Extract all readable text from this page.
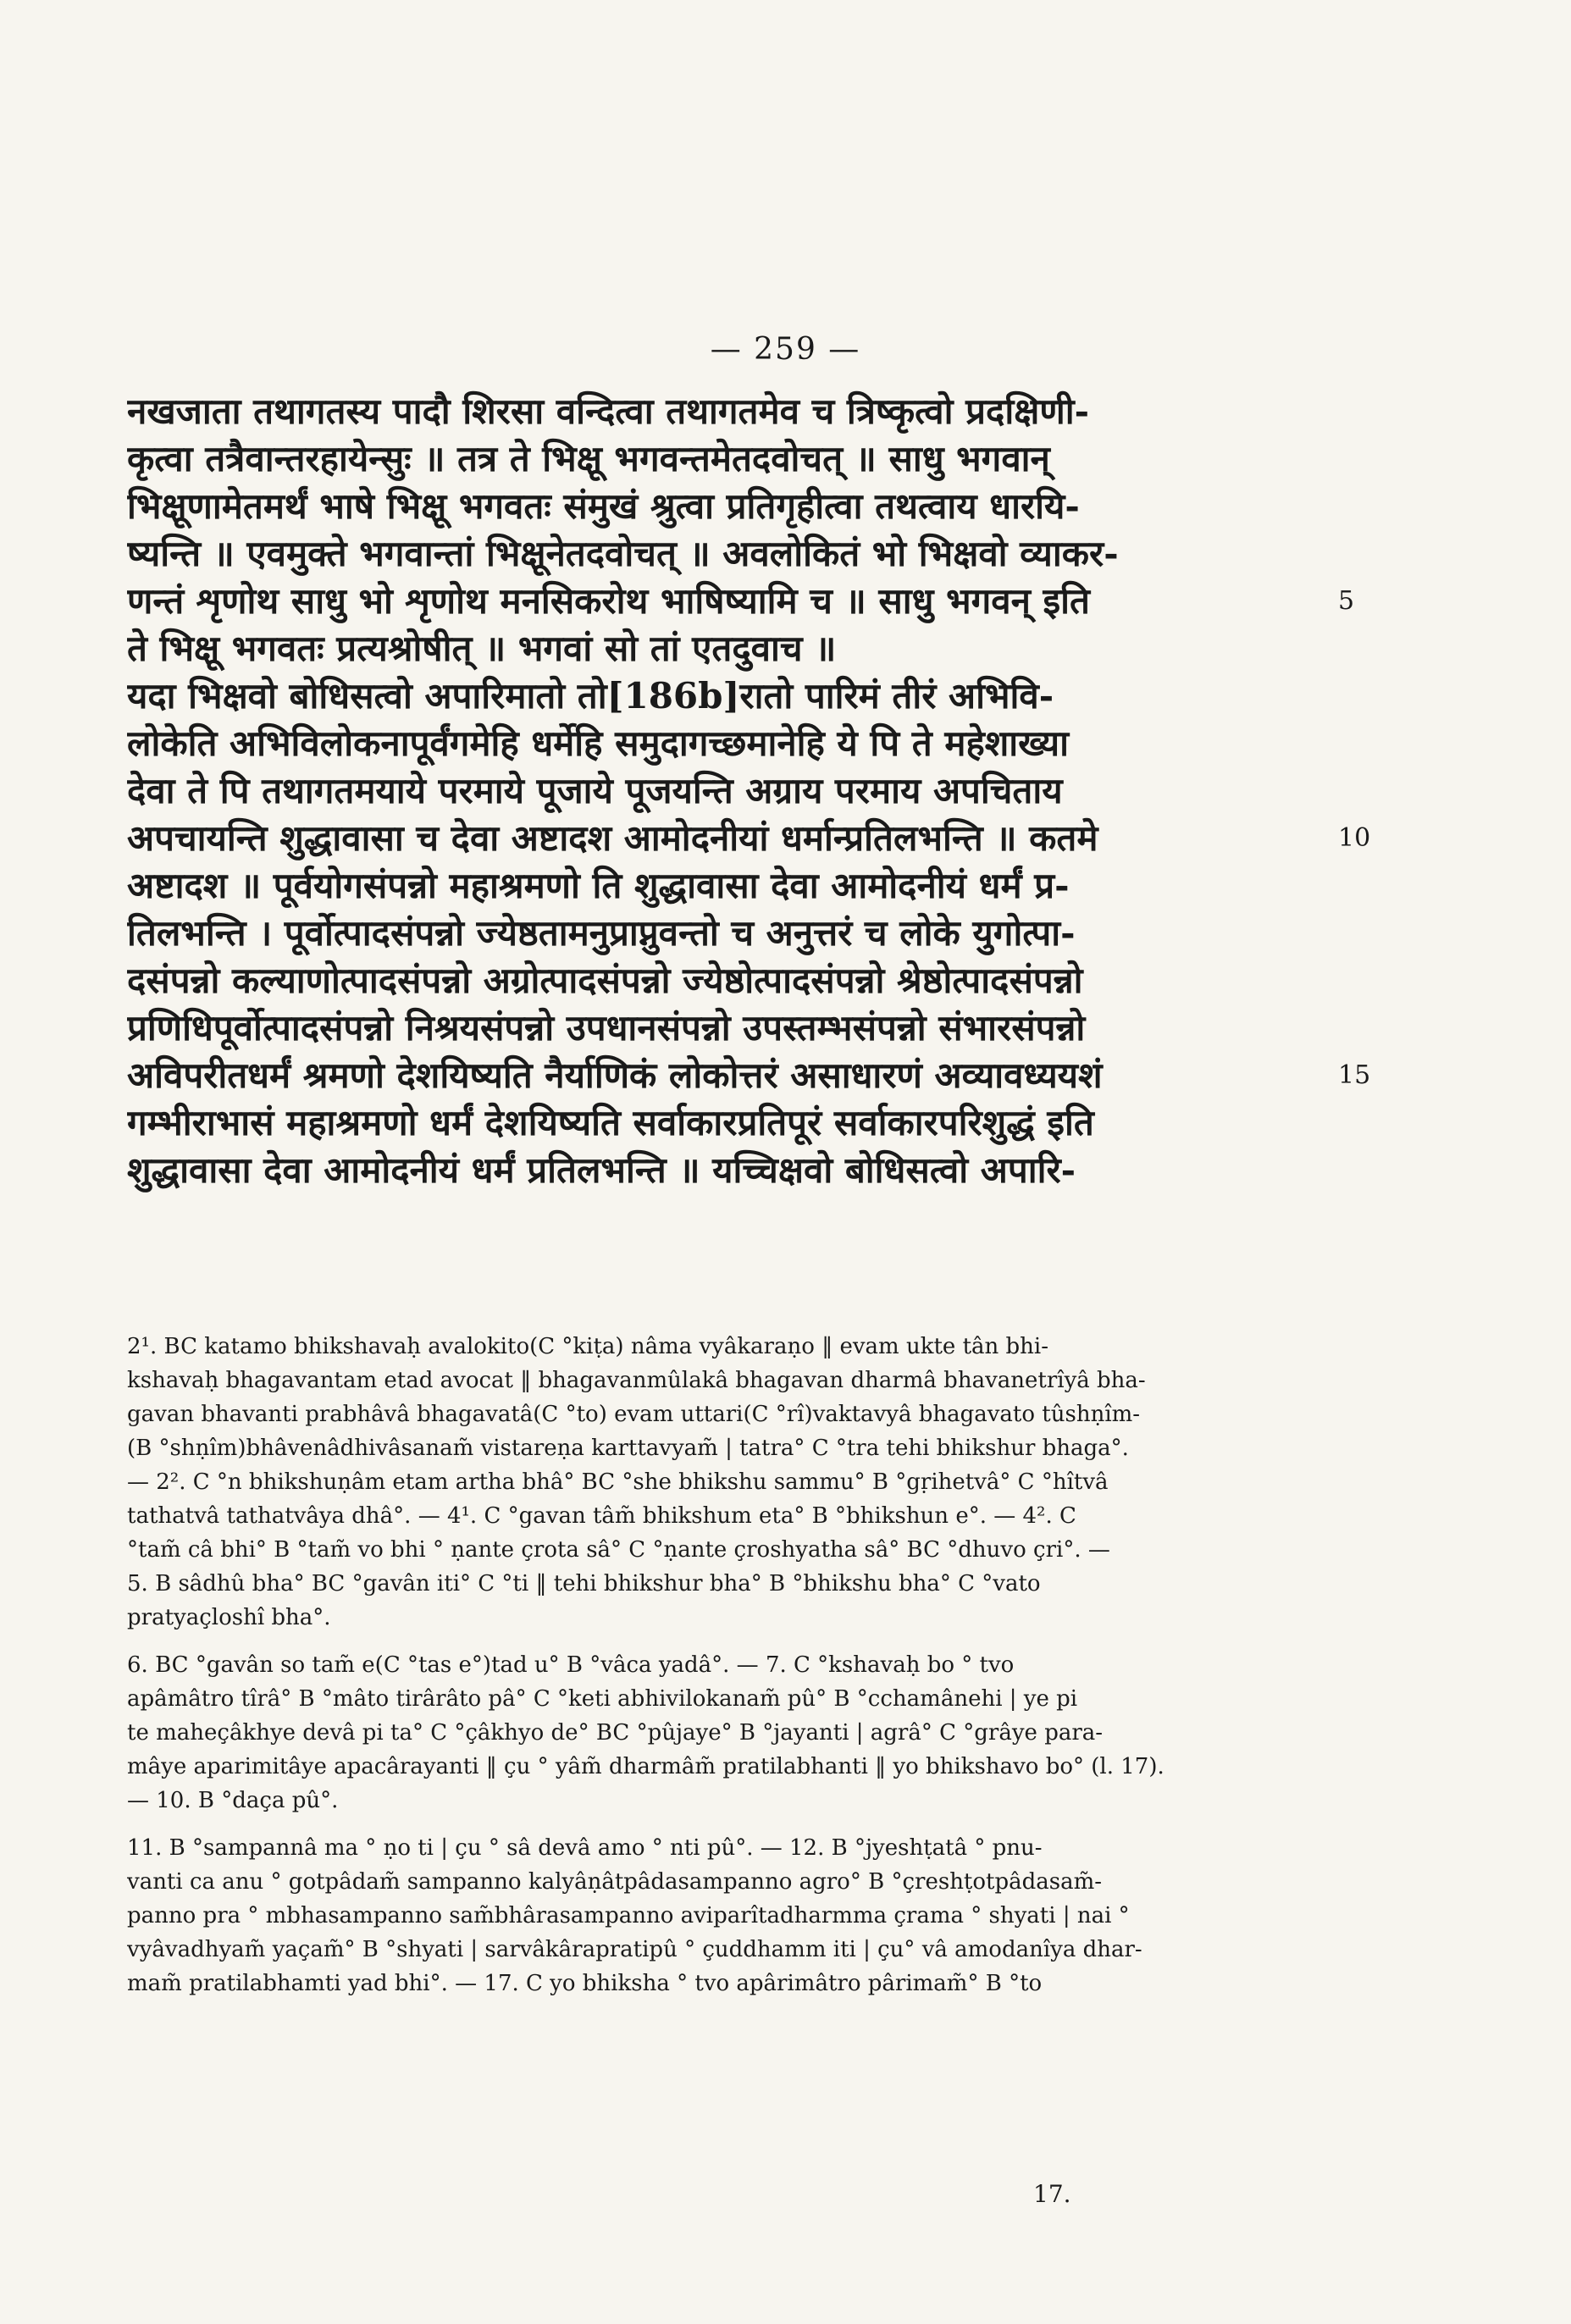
— 259 —
नखजाता तथागतस्य पादौ शिरसा वन्दित्वा तथागतमेव च त्रिष्कृत्वो प्रदक्षिणी-
कृत्वा तत्रैवान्तरहायेन्सुः ॥ तत्र ते भिक्षू भगवन्तमेतदवोचत् ॥ साधु भगवान्
भिक्षूणामेतमर्थं भाषे भिक्षू भगवतः संमुखं श्रुत्वा प्रतिगृहीत्वा तथत्वाय धारयि-
ष्यन्ति ॥ एवमुक्ते भगवान्तां भिक्षूनेतदवोचत् ॥ अवलोकितं भो भिक्षवो व्याकर-
णन्तं शृणोथ साधु भो शृणोथ मनसिकरोथ भाषिष्यामि च ॥ साधु भगवन् इति
ते भिक्षू भगवतः प्रत्यश्रोषीत् ॥ भगवां सो तां एतदुवाच ॥
यदा भिक्षवो बोधिसत्वो अपारिमातो तो[186b]रातो पारिमं तीरं अभिवि-
लोकेति अभिविलोकनापूर्वंगमेहि धर्मेहि समुदागच्छमानेहि ये पि ते महेशाख्या
देवा ते पि तथागतमयाये परमाये पूजाये पूजयन्ति अग्राय परमाय अपचिताय
अपचायन्ति शुद्धावासा च देवा अष्टादश आमोदनीयां धर्मान्प्रतिलभन्ति ॥ कतमे
अष्टादश ॥ पूर्वयोगसंपन्नो महाश्रमणो ति शुद्धावासा देवा आमोदनीयं धर्मं प्र-
तिलभन्ति । पूर्वोत्पादसंपन्नो ज्येष्ठतामनुप्राप्नुवन्तो च अनुत्तरं च लोके युगोत्पा-
दसंपन्नो कल्याणोत्पादसंपन्नो अग्रोत्पादसंपन्नो ज्येष्ठोत्पादसंपन्नो श्रेष्ठोत्पादसंपन्नो
प्रणिधिपूर्वोत्पादसंपन्नो निश्रयसंपन्नो उपधानसंपन्नो उपस्तम्भसंपन्नो संभारसंपन्नो
अविपरीतधर्मं श्रमणो देशयिष्यति नैर्याणिकं लोकोत्तरं असाधारणं अव्यावध्ययशं
गम्भीराभासं महाश्रमणो धर्मं देशयिष्यति सर्वाकारप्रतिपूरं सर्वाकारपरिशुद्धं इति
शुद्धावासा देवा आमोदनीयं धर्मं प्रतिलभन्ति ॥ यच्चिक्षवो बोधिसत्वो अपारि-
5
10
15
2¹. BC katamo bhikshavaḥ avalokito(C °kiṭa) nâma vyâkaraṇo ‖ evam ukte tân bhi-
kshavaḥ bhagavantam etad avocat ‖ bhagavanmûlakâ bhagavan dharmâ bhavanetrîyâ bha-
gavan bhavanti prabhâvâ bhagavatâ(C °to) evam uttari(C °rî)vaktavyâ bhagavato tûshṇîm-
(B °shṇîm)bhâvenâdhivâsanam̃ vistareṇa karttavyam̃ | tatra° C °tra tehi bhikshur bhaga°.
— 2². C °n bhikshuṇâm etam artha bhâ° BC °she bhikshu sammu° B °gṛihetvâ° C °hîtvâ
tathatvâ tathatvâya dhâ°. — 4¹. C °gavan tâm̃ bhikshum eta° B °bhikshun e°. — 4². C
°tam̃ câ bhi° B °tam̃ vo bhi ° ṇante çrota sâ° C °ṇante çroshyatha sâ° BC °dhuvo çri°. —
5. B sâdhû bha° BC °gavân iti° C °ti ‖ tehi bhikshur bha° B °bhikshu bha° C °vato
pratyaçloshî bha°.
6. BC °gavân so tam̃ e(C °tas e°)tad u° B °vâca yadâ°. — 7. C °kshavaḥ bo ° tvo
apâmâtro tîrâ° B °mâto tirârâto pâ° C °keti abhivilokanam̃ pû° B °cchamânehi | ye pi
te maheçâkhye devâ pi ta° C °çâkhyo de° BC °pûjaye° B °jayanti | agrâ° C °grâye para-
mâye aparimitâye apacârayanti ‖ çu ° yâm̃ dharmâm̃ pratilabhanti ‖ yo bhikshavo bo° (l. 17).
— 10. B °daça pû°.
11. B °sampannâ ma ° ṇo ti | çu ° sâ devâ amo ° nti pû°. — 12. B °jyeshṭatâ ° pnu-
vanti ca anu ° gotpâdam̃ sampanno kalyâṇâtpâdasampanno agro° B °çreshṭotpâdasam̃-
panno pra ° mbhasampanno sam̃bhârasampanno aviparîtadharmma çrama ° shyati | nai °
vyâvadhyam̃ yaçam̃° B °shyati | sarvâkârapratipû ° çuddhamm iti | çu° vâ amodanîya dhar-
mam̃ pratilabhamti yad bhi°. — 17. C yo bhiksha ° tvo apârimâtro pârimam̃° B °to
17.
